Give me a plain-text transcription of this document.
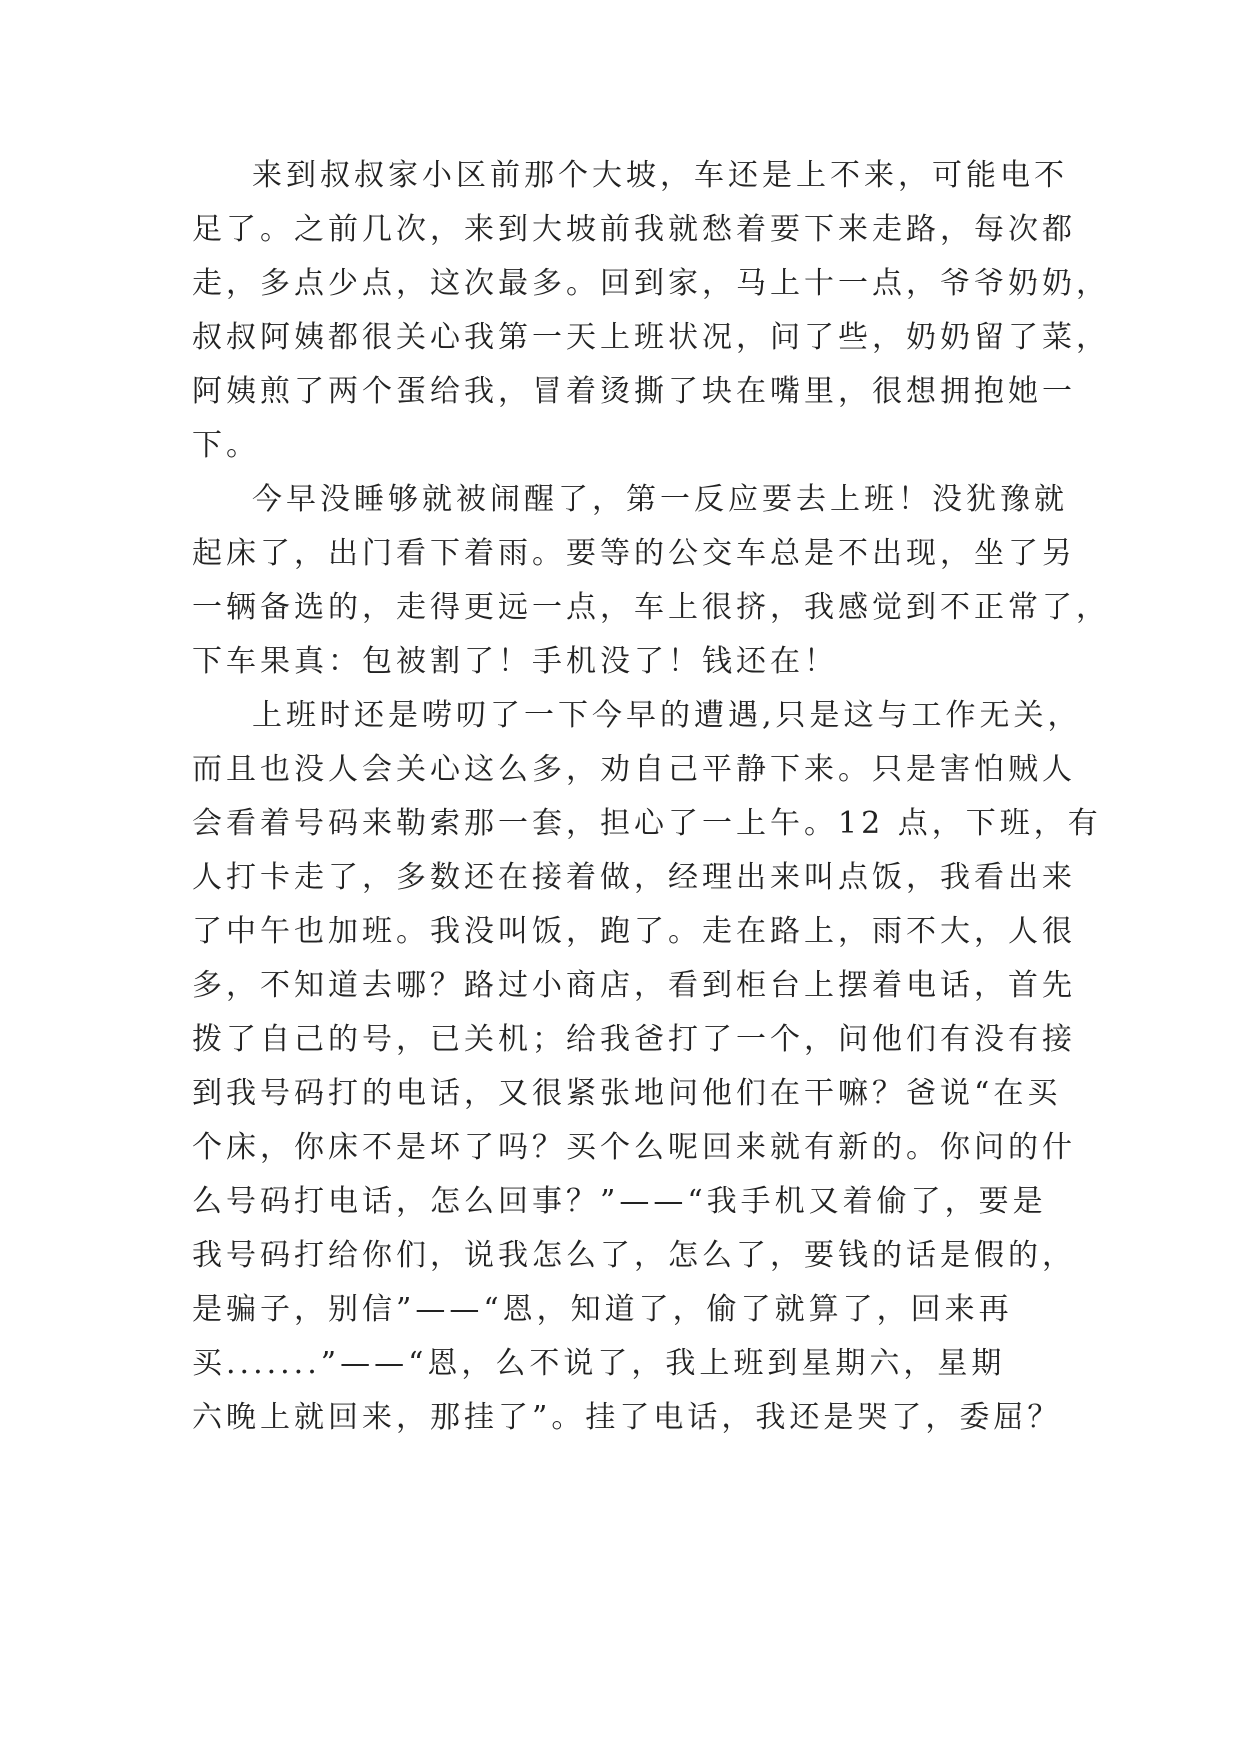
来到叔叔家小区前那个大坡，车还是上不来，可能电不
足了。之前几次，来到大坡前我就愁着要下来走路，每次都
走，多点少点，这次最多。回到家，马上十一点，爷爷奶奶，
叔叔阿姨都很关心我第一天上班状况，问了些，奶奶留了菜，
阿姨煎了两个蛋给我，冒着烫撕了块在嘴里，很想拥抱她一
下。
今早没睡够就被闹醒了，第一反应要去上班！没犹豫就
起床了，出门看下着雨。要等的公交车总是不出现，坐了另
一辆备选的，走得更远一点，车上很挤，我感觉到不正常了，
下车果真：包被割了！手机没了！钱还在！
上班时还是唠叨了一下今早的遭遇,只是这与工作无关，
而且也没人会关心这么多，劝自己平静下来。只是害怕贼人
会看着号码来勒索那一套，担心了一上午。12 点，下班，有
人打卡走了，多数还在接着做，经理出来叫点饭，我看出来
了中午也加班。我没叫饭，跑了。走在路上，雨不大，人很
多，不知道去哪？路过小商店，看到柜台上摆着电话，首先
拨了自己的号，已关机；给我爸打了一个，问他们有没有接
到我号码打的电话，又很紧张地问他们在干嘛？爸说“在买
个床，你床不是坏了吗？买个么呢回来就有新的。你问的什
么号码打电话，怎么回事？”——“我手机又着偷了，要是
我号码打给你们，说我怎么了，怎么了，要钱的话是假的，
是骗子，别信”——“恩，知道了，偷了就算了，回来再
买.......”——“恩，么不说了，我上班到星期六，星期
六晚上就回来，那挂了”。挂了电话，我还是哭了，委屈？
